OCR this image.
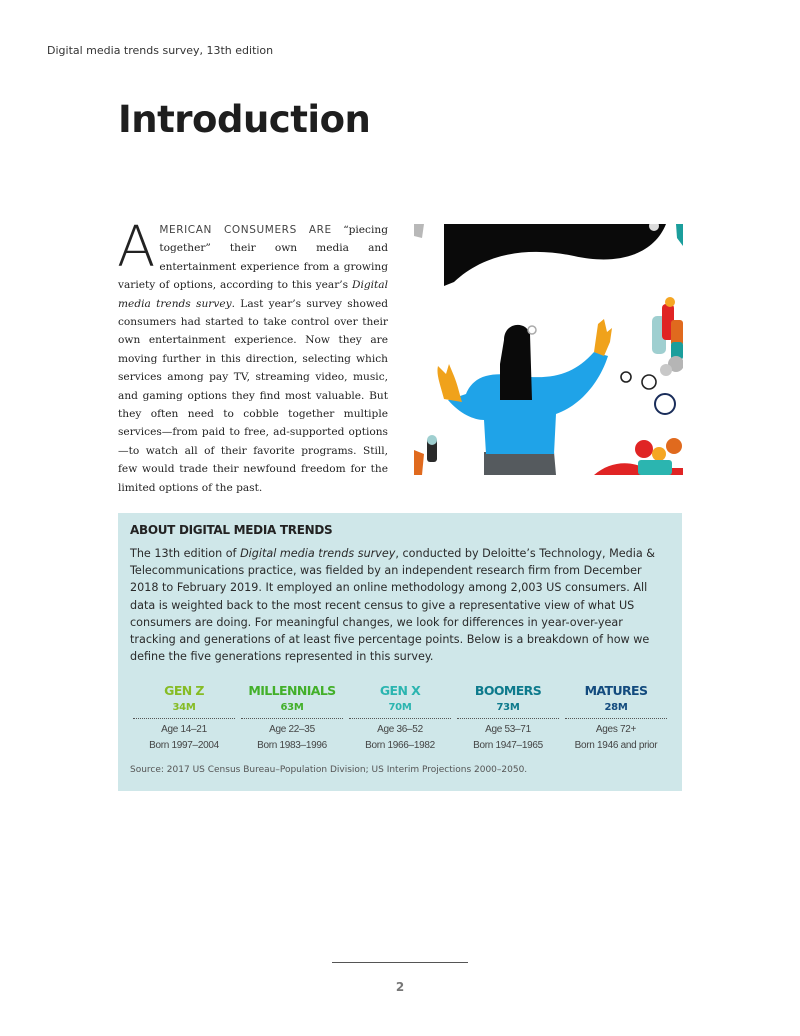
Digital media trends survey, 13th edition
Introduction
A MERICAN CONSUMERS ARE “piecing together” their own media and entertainment experience from a growing variety of options, according to this year’s Digital media trends survey. Last year’s survey showed consumers had started to take control over their own entertainment experience. Now they are moving further in this direction, selecting which services among pay TV, streaming video, music, and gaming options they find most valuable. But they often need to cobble together multiple services—from paid to free, ad-supported options—to watch all of their favorite programs. Still, few would trade their newfound freedom for the limited options of the past.
ABOUT DIGITAL MEDIA TRENDS

The 13th edition of Digital media trends survey, conducted by Deloitte’s Technology, Media & Telecommunications practice, was fielded by an independent research firm from December 2018 to February 2019. It employed an online methodology among 2,003 US consumers. All data is weighted back to the most recent census to give a representative view of what US consumers are doing. For meaningful changes, we look for differences in year-over-year tracking and generations of at least five percentage points. Below is a breakdown of how we define the five generations represented in this survey.

GEN Z
34M
Age 14–21
Born 1997–2004
MILLENNIALS
63M
Age 22–35
Born 1983–1996
GEN X
70M
Age 36–52
Born 1966–1982
BOOMERS
73M
Age 53–71
Born 1947–1965
MATURES
28M
Ages 72+
Born 1946 and prior
Source: 2017 US Census Bureau–Population Division; US Interim Projections 2000–2050.
2
